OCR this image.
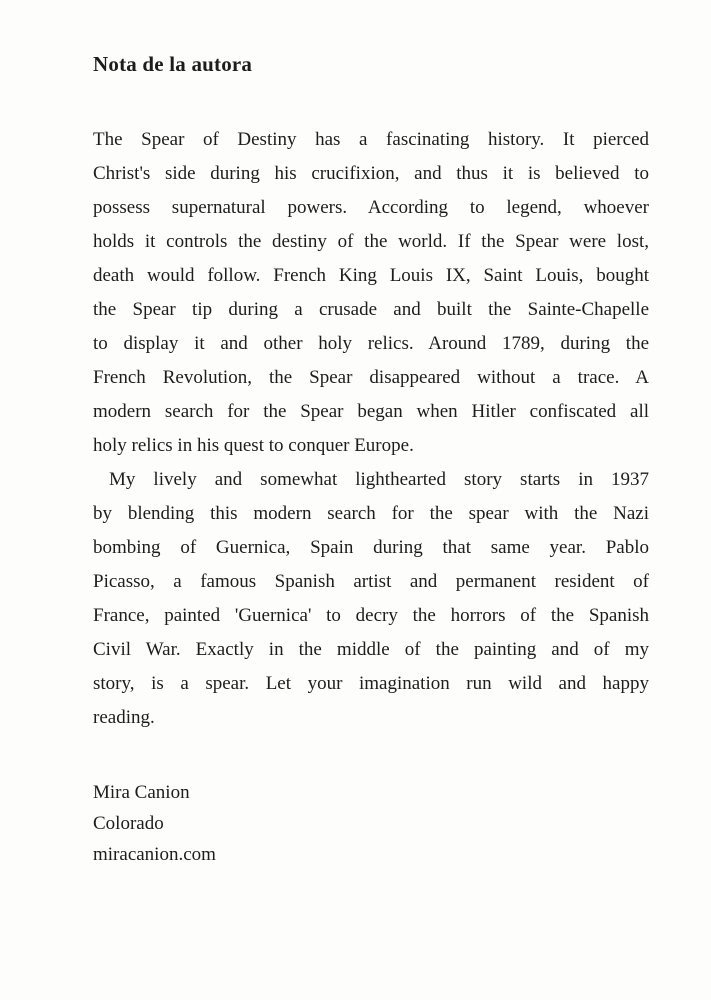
Nota de la autora
The Spear of Destiny has a fascinating history. It pierced
Christ's side during his crucifixion, and thus it is believed to
possess supernatural powers. According to legend, whoever
holds it controls the destiny of the world. If the Spear were lost,
death would follow. French King Louis IX, Saint Louis, bought
the Spear tip during a crusade and built the Sainte-Chapelle
to display it and other holy relics. Around 1789, during the
French Revolution, the Spear disappeared without a trace. A
modern search for the Spear began when Hitler confiscated all
holy relics in his quest to conquer Europe.
My lively and somewhat lighthearted story starts in 1937
by blending this modern search for the spear with the Nazi
bombing of Guernica, Spain during that same year. Pablo
Picasso, a famous Spanish artist and permanent resident of
France, painted 'Guernica' to decry the horrors of the Spanish
Civil War. Exactly in the middle of the painting and of my
story, is a spear. Let your imagination run wild and happy
reading.
Mira Canion
Colorado
miracanion.com
